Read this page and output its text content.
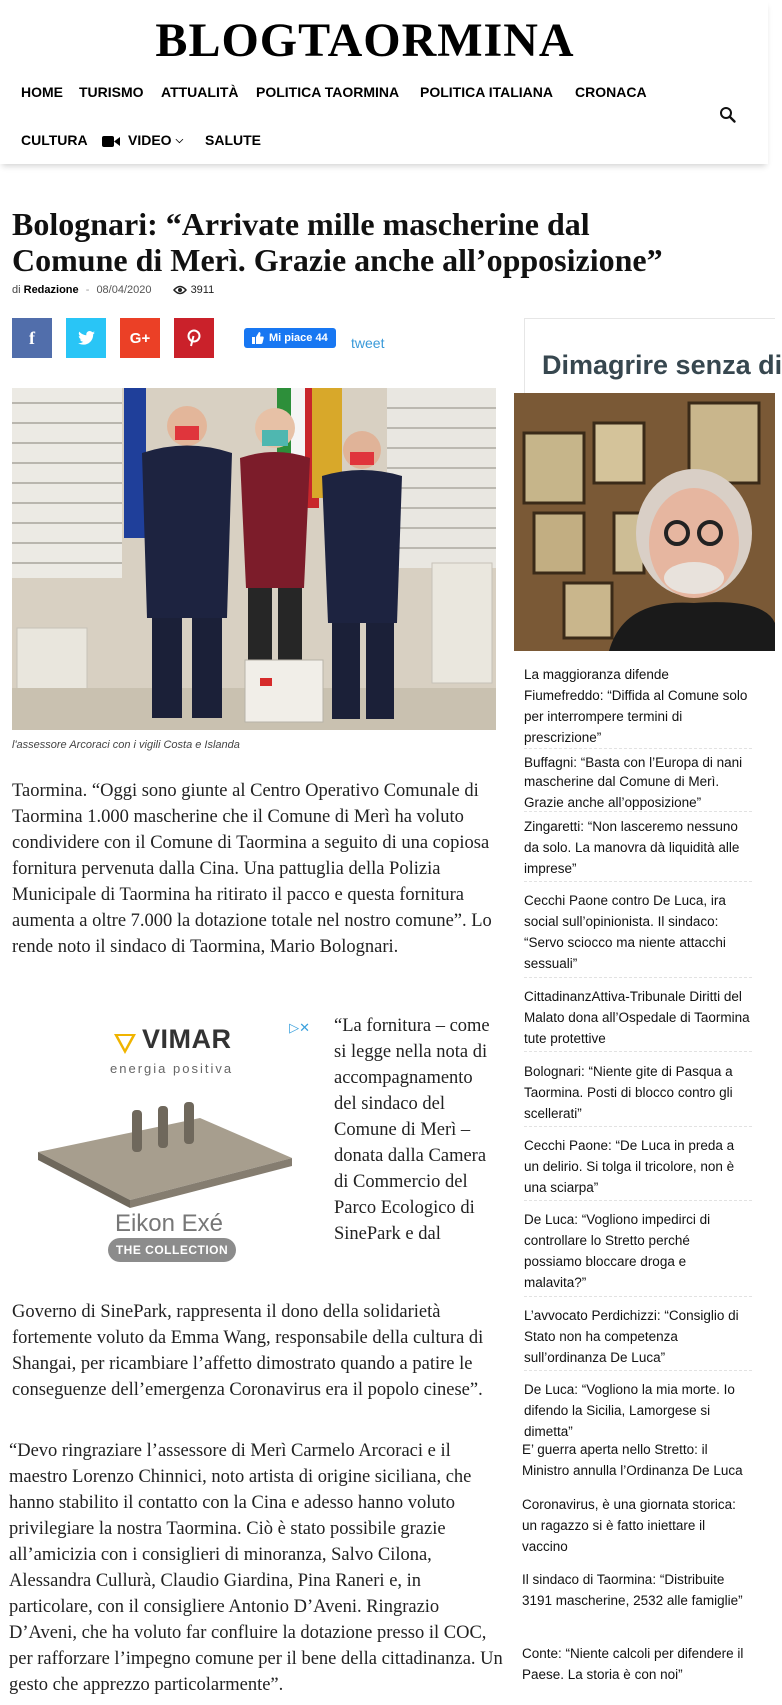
BLOGTAORMINA
HOME TURISMO ATTUALITÀ POLITICA TAORMINA POLITICA ITALIANA CRONACA
CULTURA	VIDEO ⌵ SALUTE
Bolognari: “Arrivate mille mascherine dal Comune di Merì. Grazie anche all’opposizione”
di Redazione - 08/04/2020	3911
f	G+	Mi piace 44 tweet
l'assessore Arcoraci con i vigili Costa e Islanda

Taormina. “Oggi sono giunte al Centro Operativo Comunale di Taormina 1.000 mascherine che il Comune di Merì ha voluto condividere con il Comune di Taormina a seguito di una copiosa fornitura pervenuta dalla Cina. Una pattuglia della Polizia Municipale di Taormina ha ritirato il pacco e questa fornitura aumenta a oltre 7.000 la dotazione totale nel nostro comune”. Lo rende noto il sindaco di Taormina, Mario Bolognari.

▷✕
VIMAR
energia positiva
Eikon Exé
THE COLLECTION

“La fornitura – come si legge nella nota di accompagnamento del sindaco del Comune di Merì – donata dalla Camera di Commercio del Parco Ecologico di SinePark e dal

Governo di SinePark, rappresenta il dono della solidarietà fortemente voluto da Emma Wang, responsabile della cultura di Shangai, per ricambiare l’affetto dimostrato quando a patire le conseguenze dell’emergenza Coronavirus era il popolo cinese”.

“Devo ringraziare l’assessore di Merì Carmelo Arcoraci e il maestro Lorenzo Chinnici, noto artista di origine siciliana, che hanno stabilito il contatto con la Cina e adesso hanno voluto privilegiare la nostra Taormina. Ciò è stato possibile grazie all’amicizia con i consiglieri di minoranza, Salvo Cilona, Alessandra Cullurà, Claudio Giardina, Pina Raneri e, in particolare, con il consigliere Antonio D’Aveni. Ringrazio D’Aveni, che ha voluto far confluire la dotazione presso il COC, per rafforzare l’impegno comune per il bene della cittadinanza. Un gesto che apprezzo particolarmente”.

Dimagrire senza di
La maggioranza difende Fiumefreddo: “Diffida al Comune solo per interrompere termini di prescrizione”
Buffagni: “Basta con l’Europa di nani
mascherine dal Comune di Merì. Grazie anche all’opposizione”
Zingaretti: “Non lasceremo nessuno da solo. La manovra dà liquidità alle imprese”
Cecchi Paone contro De Luca, ira social sull’opinionista. Il sindaco: “Servo sciocco ma niente attacchi sessuali”
CittadinanzAttiva-Tribunale Diritti del Malato dona all’Ospedale di Taormina tute protettive
Bolognari: “Niente gite di Pasqua a Taormina. Posti di blocco contro gli scellerati”
Cecchi Paone: “De Luca in preda a un delirio. Si tolga il tricolore, non è una sciarpa”
De Luca: “Vogliono impedirci di controllare lo Stretto perché possiamo bloccare droga e malavita?”
L’avvocato Perdichizzi: “Consiglio di Stato non ha competenza sull’ordinanza De Luca”
De Luca: “Vogliono la mia morte. Io difendo la Sicilia, Lamorgese si dimetta”
E’ guerra aperta nello Stretto: il Ministro annulla l’Ordinanza De Luca
Coronavirus, è una giornata storica: un ragazzo si è fatto iniettare il vaccino
Il sindaco di Taormina: “Distribuite 3191 mascherine, 2532 alle famiglie”
Conte: “Niente calcoli per difendere il Paese. La storia è con noi”
